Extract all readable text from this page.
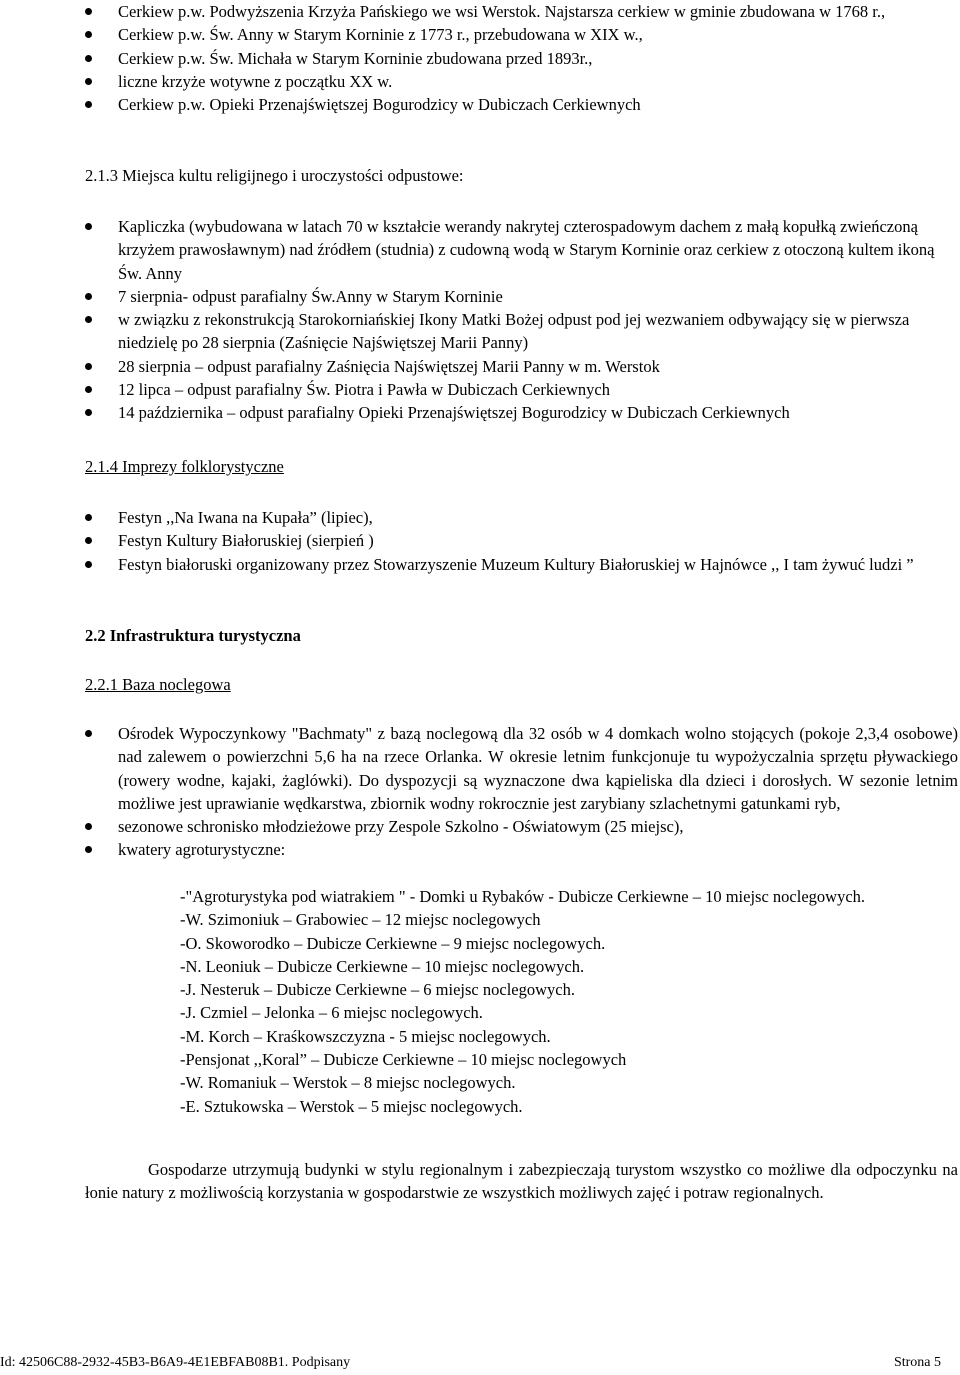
Cerkiew p.w. Podwyższenia Krzyża Pańskiego we wsi Werstok. Najstarsza cerkiew w gminie zbudowana w 1768 r.,
Cerkiew p.w. Św. Anny w Starym Korninie z 1773 r., przebudowana w XIX w.,
Cerkiew p.w. Św. Michała w Starym Korninie zbudowana przed 1893r.,
liczne krzyże wotywne z początku XX w.
Cerkiew p.w. Opieki Przenajświętszej Bogurodzicy w Dubiczach Cerkiewnych
2.1.3 Miejsca kultu religijnego i uroczystości odpustowe:
Kapliczka (wybudowana w latach 70 w kształcie werandy nakrytej czterospadowym dachem z małą kopułką zwieńczoną krzyżem prawosławnym) nad źródłem (studnia) z cudowną wodą w Starym Korninie oraz cerkiew z otoczoną kultem ikoną Św. Anny
7 sierpnia- odpust parafialny Św.Anny w Starym Korninie
w związku z rekonstrukcją Starokorniańskiej Ikony Matki Bożej odpust pod jej wezwaniem odbywający się w pierwsza niedzielę po 28 sierpnia (Zaśnięcie Najświętszej Marii Panny)
28 sierpnia – odpust parafialny Zaśnięcia Najświętszej Marii Panny w m. Werstok
12 lipca – odpust parafialny Św. Piotra i Pawła w Dubiczach Cerkiewnych
14 października – odpust parafialny Opieki Przenajświętszej Bogurodzicy w Dubiczach Cerkiewnych
2.1.4 Imprezy folklorystyczne
Festyn ,,Na Iwana na Kupała” (lipiec),
Festyn Kultury Białoruskiej (sierpień )
Festyn białoruski organizowany przez Stowarzyszenie Muzeum Kultury Białoruskiej w Hajnówce ,, I tam żywuć ludzi ”
2.2 Infrastruktura turystyczna
2.2.1 Baza noclegowa
Ośrodek Wypoczynkowy "Bachmaty" z bazą noclegową dla 32 osób w 4 domkach wolno stojących (pokoje 2,3,4 osobowe) nad zalewem o powierzchni 5,6 ha na rzece Orlanka. W okresie letnim funkcjonuje tu wypożyczalnia sprzętu pływackiego (rowery wodne, kajaki, żaglówki). Do dyspozycji są wyznaczone dwa kąpieliska dla dzieci i dorosłych. W sezonie letnim możliwe jest uprawianie wędkarstwa, zbiornik wodny rokrocznie jest zarybiany szlachetnymi gatunkami ryb,
sezonowe schronisko młodzieżowe przy Zespole Szkolno - Oświatowym (25 miejsc),
kwatery agroturystyczne:
-"Agroturystyka pod wiatrakiem " - Domki u Rybaków - Dubicze Cerkiewne – 10 miejsc noclegowych.
-W. Szimoniuk – Grabowiec – 12 miejsc noclegowych
-O. Skoworodko – Dubicze Cerkiewne – 9 miejsc noclegowych.
-N. Leoniuk – Dubicze Cerkiewne – 10 miejsc noclegowych.
-J. Nesteruk – Dubicze Cerkiewne – 6 miejsc noclegowych.
-J. Czmiel – Jelonka – 6 miejsc noclegowych.
-M. Korch – Kraśkowszczyzna - 5 miejsc noclegowych.
-Pensjonat ,,Koral” – Dubicze Cerkiewne – 10 miejsc noclegowych
-W. Romaniuk – Werstok – 8 miejsc noclegowych.
-E. Sztukowska – Werstok – 5 miejsc noclegowych.
Gospodarze utrzymują budynki w stylu regionalnym i zabezpieczają turystom wszystko co możliwe dla odpoczynku na łonie natury z możliwością korzystania w gospodarstwie ze wszystkich możliwych zajęć i potraw regionalnych.
Id: 42506C88-2932-45B3-B6A9-4E1EBFAB08B1. Podpisany	Strona 5
